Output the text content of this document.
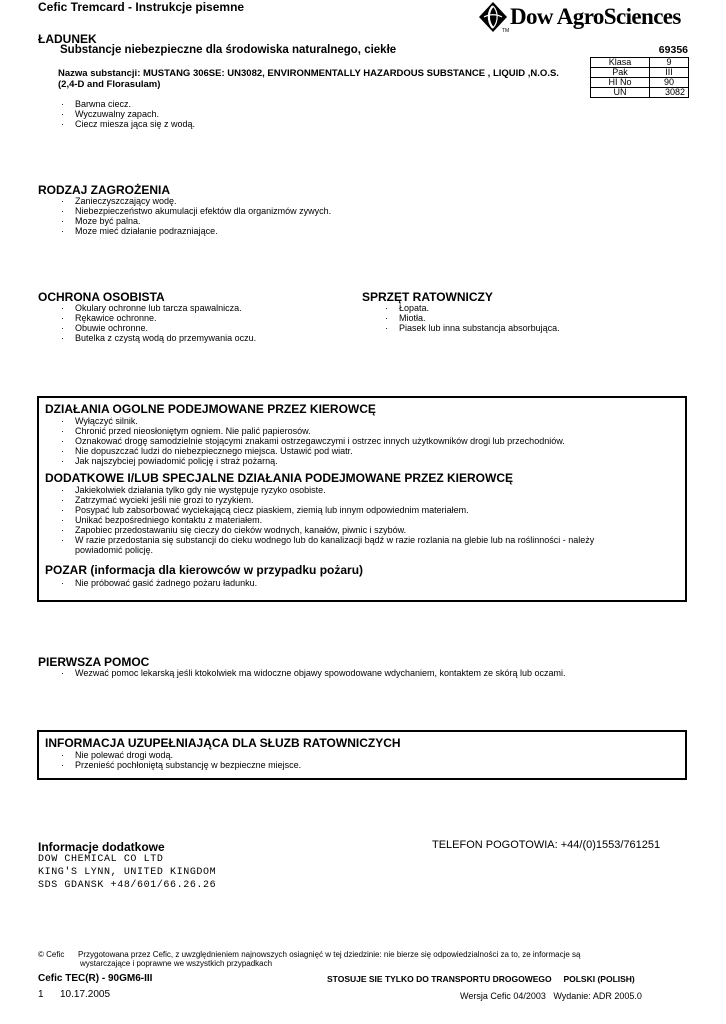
Cefic Tremcard - Instrukcje pisemne	Dow AgroSciences
TM
ŁADUNEK
Substancje niebezpieczne dla środowiska naturalnego, ciekłe
Nazwa substancji: MUSTANG 306SE: UN3082, ENVIRONMENTALLY HAZARDOUS SUBSTANCE , LIQUID ,N.O.S.
(2,4-D and Florasulam)
· Barwna ciecz.
· Wyczuwalny zapach.
· Ciecz miesza jąca się z wodą.
69356
Klasa	9
Pak	III
HI No	90
UN	3082
RODZAJ ZAGROŻENIA
· Zanieczyszczający wodę.
· Niebezpieczeństwo akumulacji efektów dla organizmów zywych.
· Moze być palna.
· Moze mieć działanie podrazniające.
OCHRONA OSOBISTA
· Okulary ochronne lub tarcza spawalnicza.
· Rękawice ochronne.
· Obuwie ochronne.
· Butelka z czystą wodą do przemywania oczu.
SPRZĘT RATOWNICZY
· Łopata.
· Miotła.
· Piasek lub inna substancja absorbująca.
DZIAŁANIA OGOLNE PODEJMOWANE PRZEZ KIEROWCĘ
· Wyłączyć silnik.
· Chronić przed nieosłoniętym ogniem. Nie palić papierosów.
· Oznakować drogę samodzielnie stojącymi znakami ostrzegawczymi i ostrzec innych użytkowników drogi lub przechodniów.
· Nie dopuszczać ludzi do niebezpiecznego miejsca. Ustawić pod wiatr.
· Jak najszybciej powiadomić policję i straż pożarną.
DODATKOWE I/LUB SPECJALNE DZIAŁANIA PODEJMOWANE PRZEZ KIEROWCĘ
· Jakiekolwiek działania tylko gdy nie występuje ryzyko osobiste.
· Zatrzymać wycieki jeśli nie grozi to ryzykiem.
· Posypać lub zabsorbować wyciekającą ciecz piaskiem, ziemią lub innym odpowiednim materiałem.
· Unikać bezpośredniego kontaktu z materiałem.
· Zapobiec przedostawaniu się cieczy do cieków wodnych, kanałów, piwnic i szybów.
· W razie przedostania się substancji do cieku wodnego lub do kanalizacji bądź w razie rozlania na glebie lub na roślinności - należy
powiadomić policję.
POZAR (informacja dla kierowców w przypadku pożaru)
· Nie próbować gasić żadnego pożaru ładunku.
PIERWSZA POMOC
· Wezwać pomoc lekarską jeśli ktokolwiek ma widoczne objawy spowodowane wdychaniem, kontaktem ze skórą lub oczami.
INFORMACJA UZUPEŁNIAJĄCA DLA SŁUZB RATOWNICZYCH
· Nie polewać drogi wodą.
· Przenieść pochłoniętą substancję w bezpieczne miejsce.
Informacje dodatkowe
DOW CHEMICAL CO LTD
KING'S LYNN, UNITED KINGDOM
SDS GDANSK +48/601/66.26.26
TELEFON POGOTOWIA: +44/(0)1553/761251
© Cefic Przygotowana przez Cefic, z uwzględnieniem najnowszych osiagnięć w tej dziedzinie: nie bierze się odpowiedzialności za to, ze informacje są
wystarczające i poprawne we wszystkich przypadkach
Cefic TEC(R) - 90GM6-III	STOSUJE SIE TYLKO DO TRANSPORTU DROGOWEGO     POLSKI (POLISH)
1 10.17.2005	Wersja Cefic 04/2003   Wydanie: ADR 2005.0
